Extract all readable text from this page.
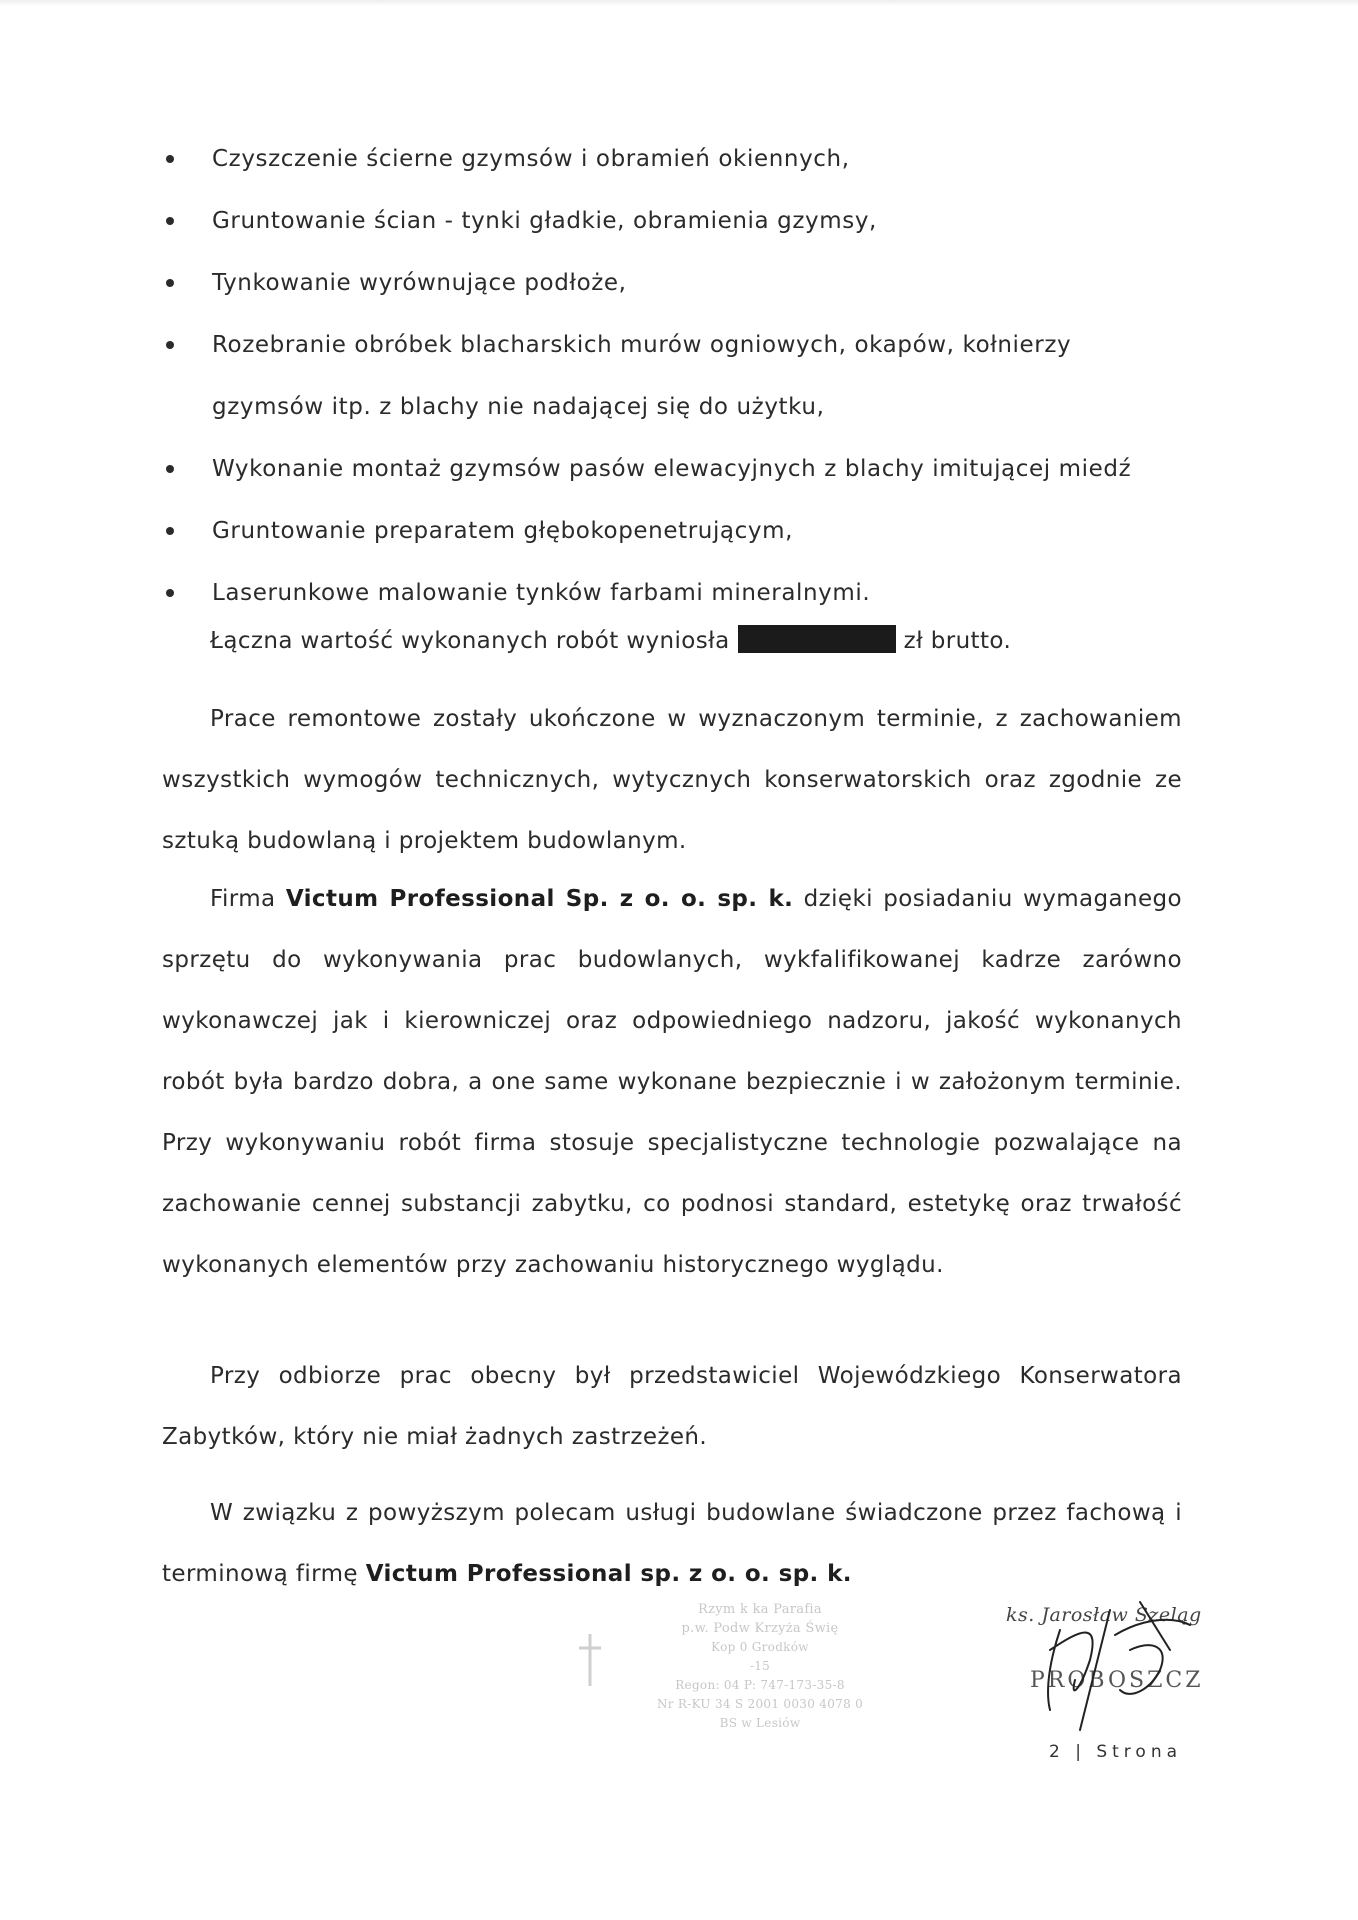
Czyszczenie ścierne gzymsów i obramień okiennych,
Gruntowanie ścian - tynki gładkie, obramienia gzymsy,
Tynkowanie wyrównujące podłoże,
Rozebranie obróbek blacharskich murów ogniowych, okapów, kołnierzy
gzymsów itp. z blachy nie nadającej się do użytku,
Wykonanie montaż gzymsów pasów elewacyjnych z blachy imitującej miedź
Gruntowanie preparatem głębokopenetrującym,
Laserunkowe malowanie tynków farbami mineralnymi.

Łączna wartość wykonanych robót wyniosła	zł brutto.

Prace remontowe zostały ukończone w wyznaczonym terminie, z zachowaniem wszystkich wymogów technicznych, wytycznych konserwatorskich oraz zgodnie ze sztuką budowlaną i projektem budowlanym.

Firma Victum Professional Sp. z o. o. sp. k. dzięki posiadaniu wymaganego sprzętu do wykonywania prac budowlanych, wykfalifikowanej kadrze zarówno wykonawczej jak i kierowniczej oraz odpowiedniego nadzoru, jakość wykonanych robót była bardzo dobra, a one same wykonane bezpiecznie i w założonym terminie. Przy wykonywaniu robót firma stosuje specjalistyczne technologie pozwalające na zachowanie cennej substancji zabytku, co podnosi standard, estetykę oraz trwałość wykonanych elementów przy zachowaniu historycznego wyglądu.

Przy odbiorze prac obecny był przedstawiciel Wojewódzkiego Konserwatora Zabytków, który nie miał żadnych zastrzeżeń.

W związku z powyższym polecam usługi budowlane świadczone przez fachową i terminową firmę Victum Professional sp. z o. o. sp. k.

Rzym k ka Parafia
p.w. Podw Krzyża Świę
Kop 0 Grodków
-15
Regon: 04 P: 747-173-35-8
Nr R-KU 34 S 2001 0030 4078 0
BS w Lesiów
ks. Jarosław Szeląg
PROBOSZCZ
2 | Strona
